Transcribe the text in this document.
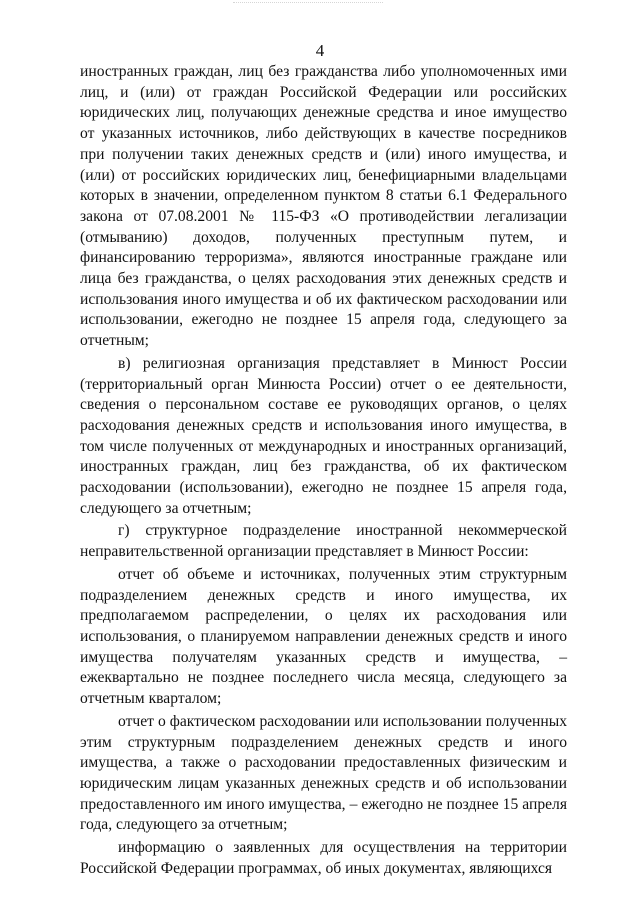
4

иностранных граждан, лиц без гражданства либо уполномоченных ими лиц, и (или) от граждан Российской Федерации или российских юридических лиц, получающих денежные средства и иное имущество от указанных источников, либо действующих в качестве посредников при получении таких денежных средств и (или) иного имущества, и (или) от российских юридических лиц, бенефициарными владельцами которых в значении, определенном пунктом 8 статьи 6.1 Федерального закона от 07.08.2001 № 115-ФЗ «О противодействии легализации (отмыванию) доходов, полученных преступным путем, и финансированию терроризма», являются иностранные граждане или лица без гражданства, о целях расходования этих денежных средств и использования иного имущества и об их фактическом расходовании или использовании, ежегодно не позднее 15 апреля года, следующего за отчетным;

в) религиозная организация представляет в Минюст России (территориальный орган Минюста России) отчет о ее деятельности, сведения о персональном составе ее руководящих органов, о целях расходования денежных средств и использования иного имущества, в том числе полученных от международных и иностранных организаций, иностранных граждан, лиц без гражданства, об их фактическом расходовании (использовании), ежегодно не позднее 15 апреля года, следующего за отчетным;

г) структурное подразделение иностранной некоммерческой неправительственной организации представляет в Минюст России:

отчет об объеме и источниках, полученных этим структурным подразделением денежных средств и иного имущества, их предполагаемом распределении, о целях их расходования или использования, о планируемом направлении денежных средств и иного имущества получателям указанных средств и имущества, – ежеквартально не позднее последнего числа месяца, следующего за отчетным кварталом;

отчет о фактическом расходовании или использовании полученных этим структурным подразделением денежных средств и иного имущества, а также о расходовании предоставленных физическим и юридическим лицам указанных денежных средств и об использовании предоставленного им иного имущества, – ежегодно не позднее 15 апреля года, следующего за отчетным;

информацию о заявленных для осуществления на территории Российской Федерации программах, об иных документах, являющихся
